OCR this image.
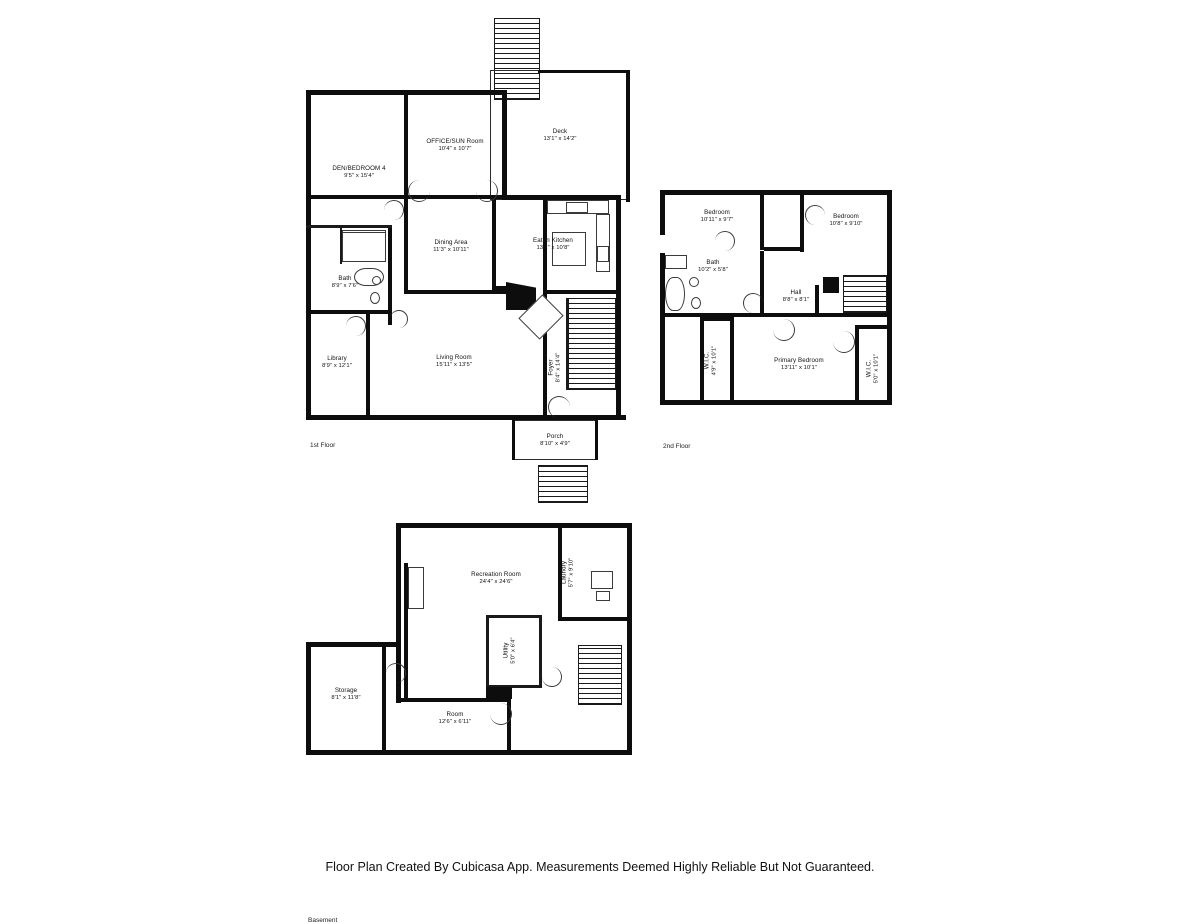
DEN/BEDROOM 4
9'5" x 15'4"
OFFICE/SUN Room
10'4" x 10'7"
Deck
13'1" x 14'2"
Dining Area
11'3" x 10'11"
Eat-in Kitchen
13'1" x 10'8"
Bath
8'9" x 7'6"
Library
8'9" x 12'1"
Living Room
15'11" x 13'5"	Foyer 8'4" x 14'4"
Porch
8'10" x 4'9"
1st Floor
Bedroom
10'11" x 9'7"	Bedroom
10'8" x 9'10"
Bath
10'2" x 5'8"
Hall
8'8" x 8'1"
W.I.C. 4'9" x 10'1"	Primary Bedroom
13'11" x 10'1"	W.I.C. 5'0" x 10'1"
2nd Floor
Recreation Room
24'4" x 24'6"	Laundry 5'7" x 9'10"
Utility 5'0" x 6'4"
Storage
8'1" x 11'8"
Room
12'6" x 6'11"
Basement
Floor Plan Created By Cubicasa App. Measurements Deemed Highly Reliable But Not Guaranteed.
